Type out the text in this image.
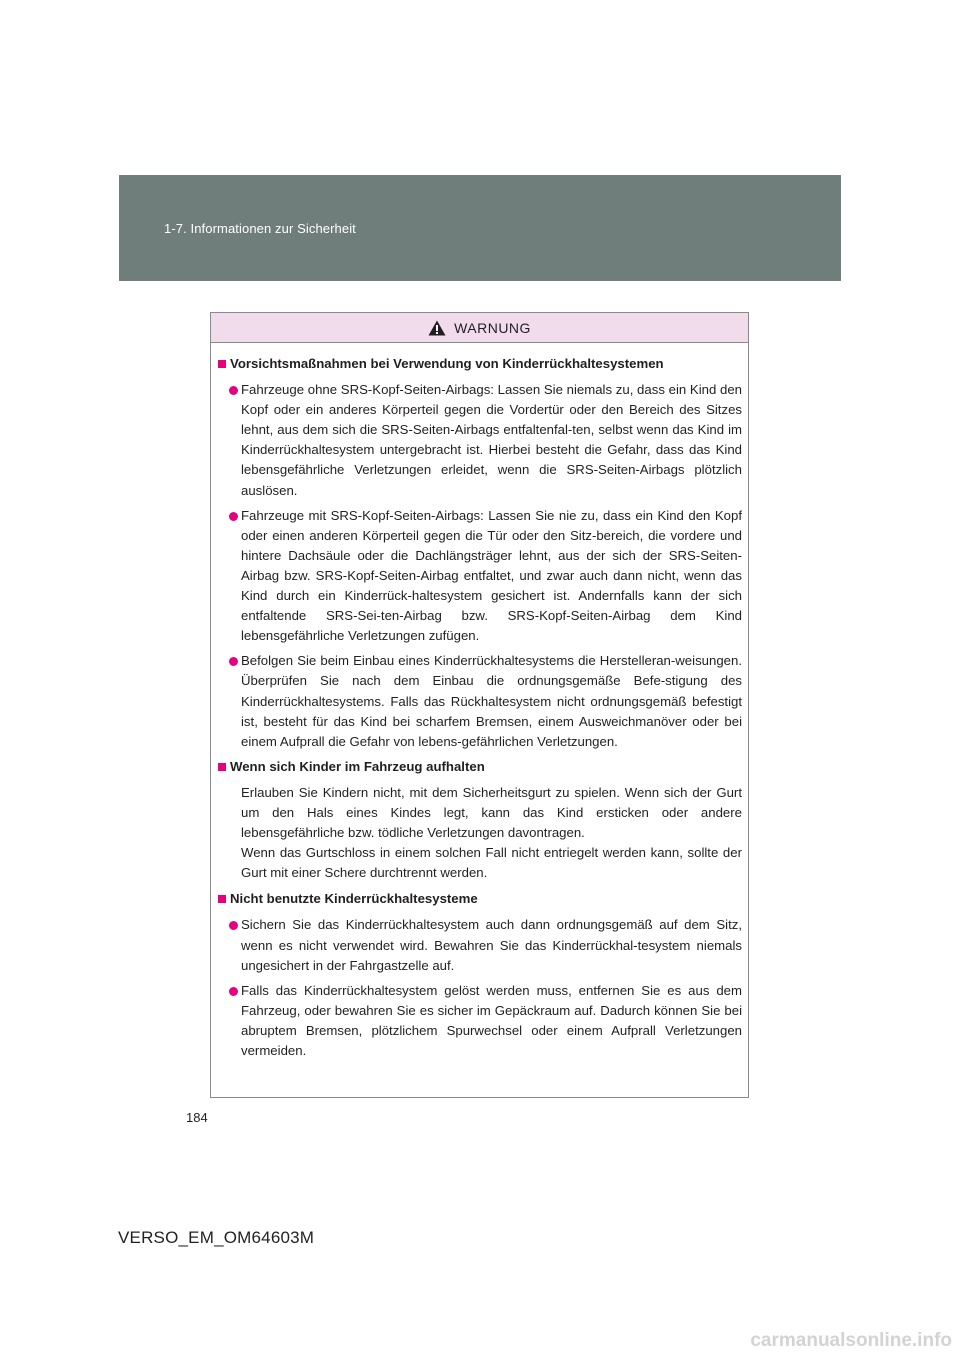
1-7. Informationen zur Sicherheit
WARNUNG
Vorsichtsmaßnahmen bei Verwendung von Kinderrückhaltesystemen
Fahrzeuge ohne SRS-Kopf-Seiten-Airbags: Lassen Sie niemals zu, dass ein Kind den Kopf oder ein anderes Körperteil gegen die Vordertür oder den Bereich des Sitzes lehnt, aus dem sich die SRS-Seiten-Airbags entfaltenfal-ten, selbst wenn das Kind im Kinderrückhaltesystem untergebracht ist. Hierbei besteht die Gefahr, dass das Kind lebensgefährliche Verletzungen erleidet, wenn die SRS-Seiten-Airbags plötzlich auslösen.
Fahrzeuge mit SRS-Kopf-Seiten-Airbags: Lassen Sie nie zu, dass ein Kind den Kopf oder einen anderen Körperteil gegen die Tür oder den Sitz-bereich, die vordere und hintere Dachsäule oder die Dachlängsträger lehnt, aus der sich der SRS-Seiten-Airbag bzw. SRS-Kopf-Seiten-Airbag entfaltet, und zwar auch dann nicht, wenn das Kind durch ein Kinderrück-haltesystem gesichert ist. Andernfalls kann der sich entfaltende SRS-Sei-ten-Airbag bzw. SRS-Kopf-Seiten-Airbag dem Kind lebensgefährliche Verletzungen zufügen.
Befolgen Sie beim Einbau eines Kinderrückhaltesystems die Herstelleran-weisungen. Überprüfen Sie nach dem Einbau die ordnungsgemäße Befe-stigung des Kinderrückhaltesystems. Falls das Rückhaltesystem nicht ordnungsgemäß befestigt ist, besteht für das Kind bei scharfem Bremsen, einem Ausweichmanöver oder bei einem Aufprall die Gefahr von lebens-gefährlichen Verletzungen.
Wenn sich Kinder im Fahrzeug aufhalten
Erlauben Sie Kindern nicht, mit dem Sicherheitsgurt zu spielen. Wenn sich der Gurt um den Hals eines Kindes legt, kann das Kind ersticken oder andere lebensgefährliche bzw. tödliche Verletzungen davontragen.
Wenn das Gurtschloss in einem solchen Fall nicht entriegelt werden kann, sollte der Gurt mit einer Schere durchtrennt werden.
Nicht benutzte Kinderrückhaltesysteme
Sichern Sie das Kinderrückhaltesystem auch dann ordnungsgemäß auf dem Sitz, wenn es nicht verwendet wird. Bewahren Sie das Kinderrückhal-tesystem niemals ungesichert in der Fahrgastzelle auf.
Falls das Kinderrückhaltesystem gelöst werden muss, entfernen Sie es aus dem Fahrzeug, oder bewahren Sie es sicher im Gepäckraum auf. Dadurch können Sie bei abruptem Bremsen, plötzlichem Spurwechsel oder einem Aufprall Verletzungen vermeiden.
184
VERSO_EM_OM64603M
carmanualsonline.info
